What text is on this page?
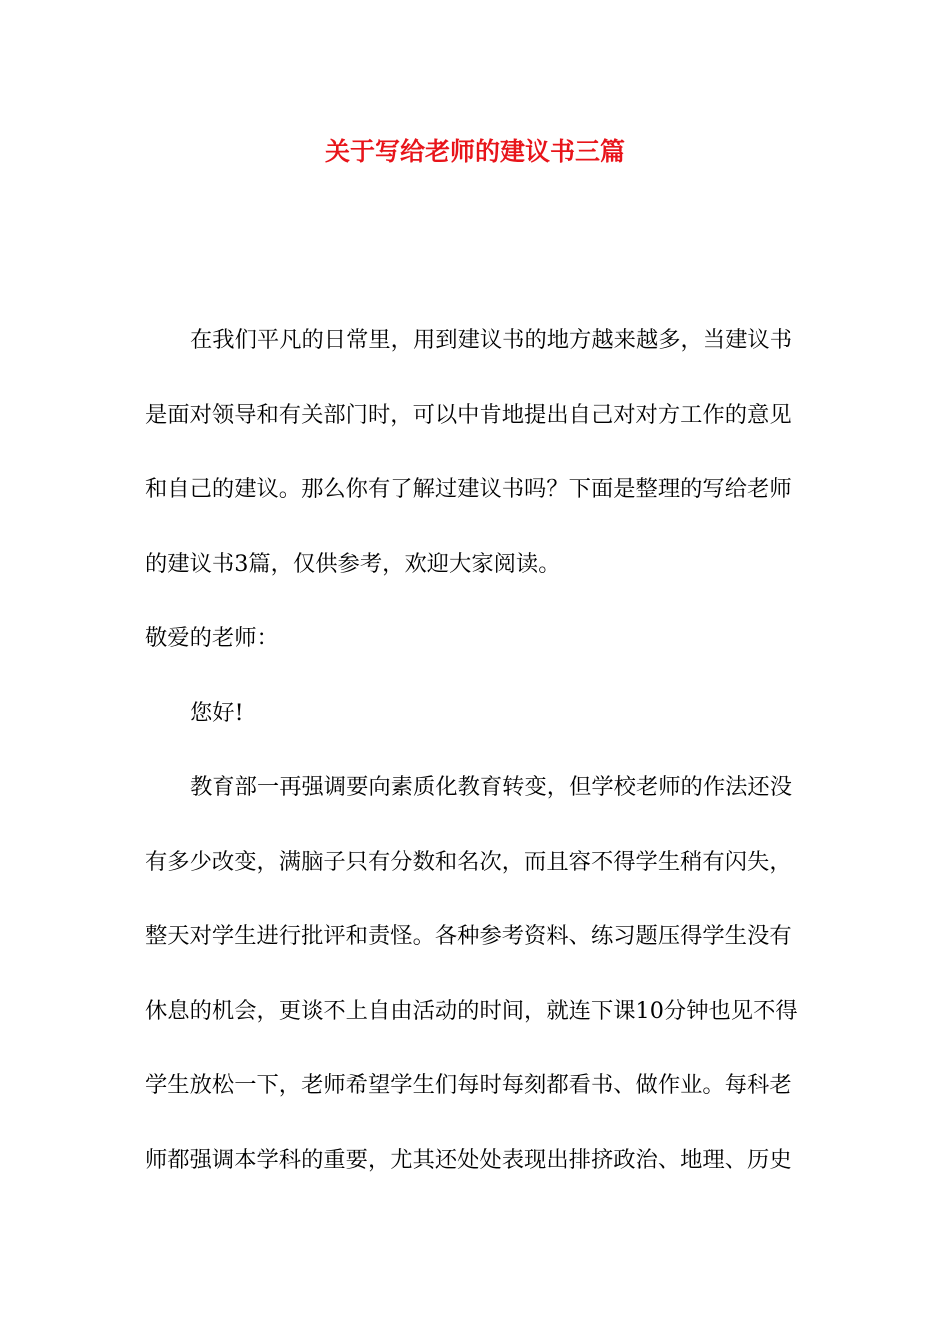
关于写给老师的建议书三篇
在我们平凡的日常里，用到建议书的地方越来越多，当建议书
是面对领导和有关部门时，可以中肯地提出自己对对方工作的意见
和自己的建议。那么你有了解过建议书吗？下面是整理的写给老师
的建议书3篇，仅供参考，欢迎大家阅读。
敬爱的老师：
您好!
教育部一再强调要向素质化教育转变，但学校老师的作法还没
有多少改变，满脑子只有分数和名次，而且容不得学生稍有闪失，
整天对学生进行批评和责怪。各种参考资料、练习题压得学生没有
休息的机会，更谈不上自由活动的时间，就连下课10分钟也见不得
学生放松一下，老师希望学生们每时每刻都看书、做作业。每科老
师都强调本学科的重要，尤其还处处表现出排挤政治、地理、历史
